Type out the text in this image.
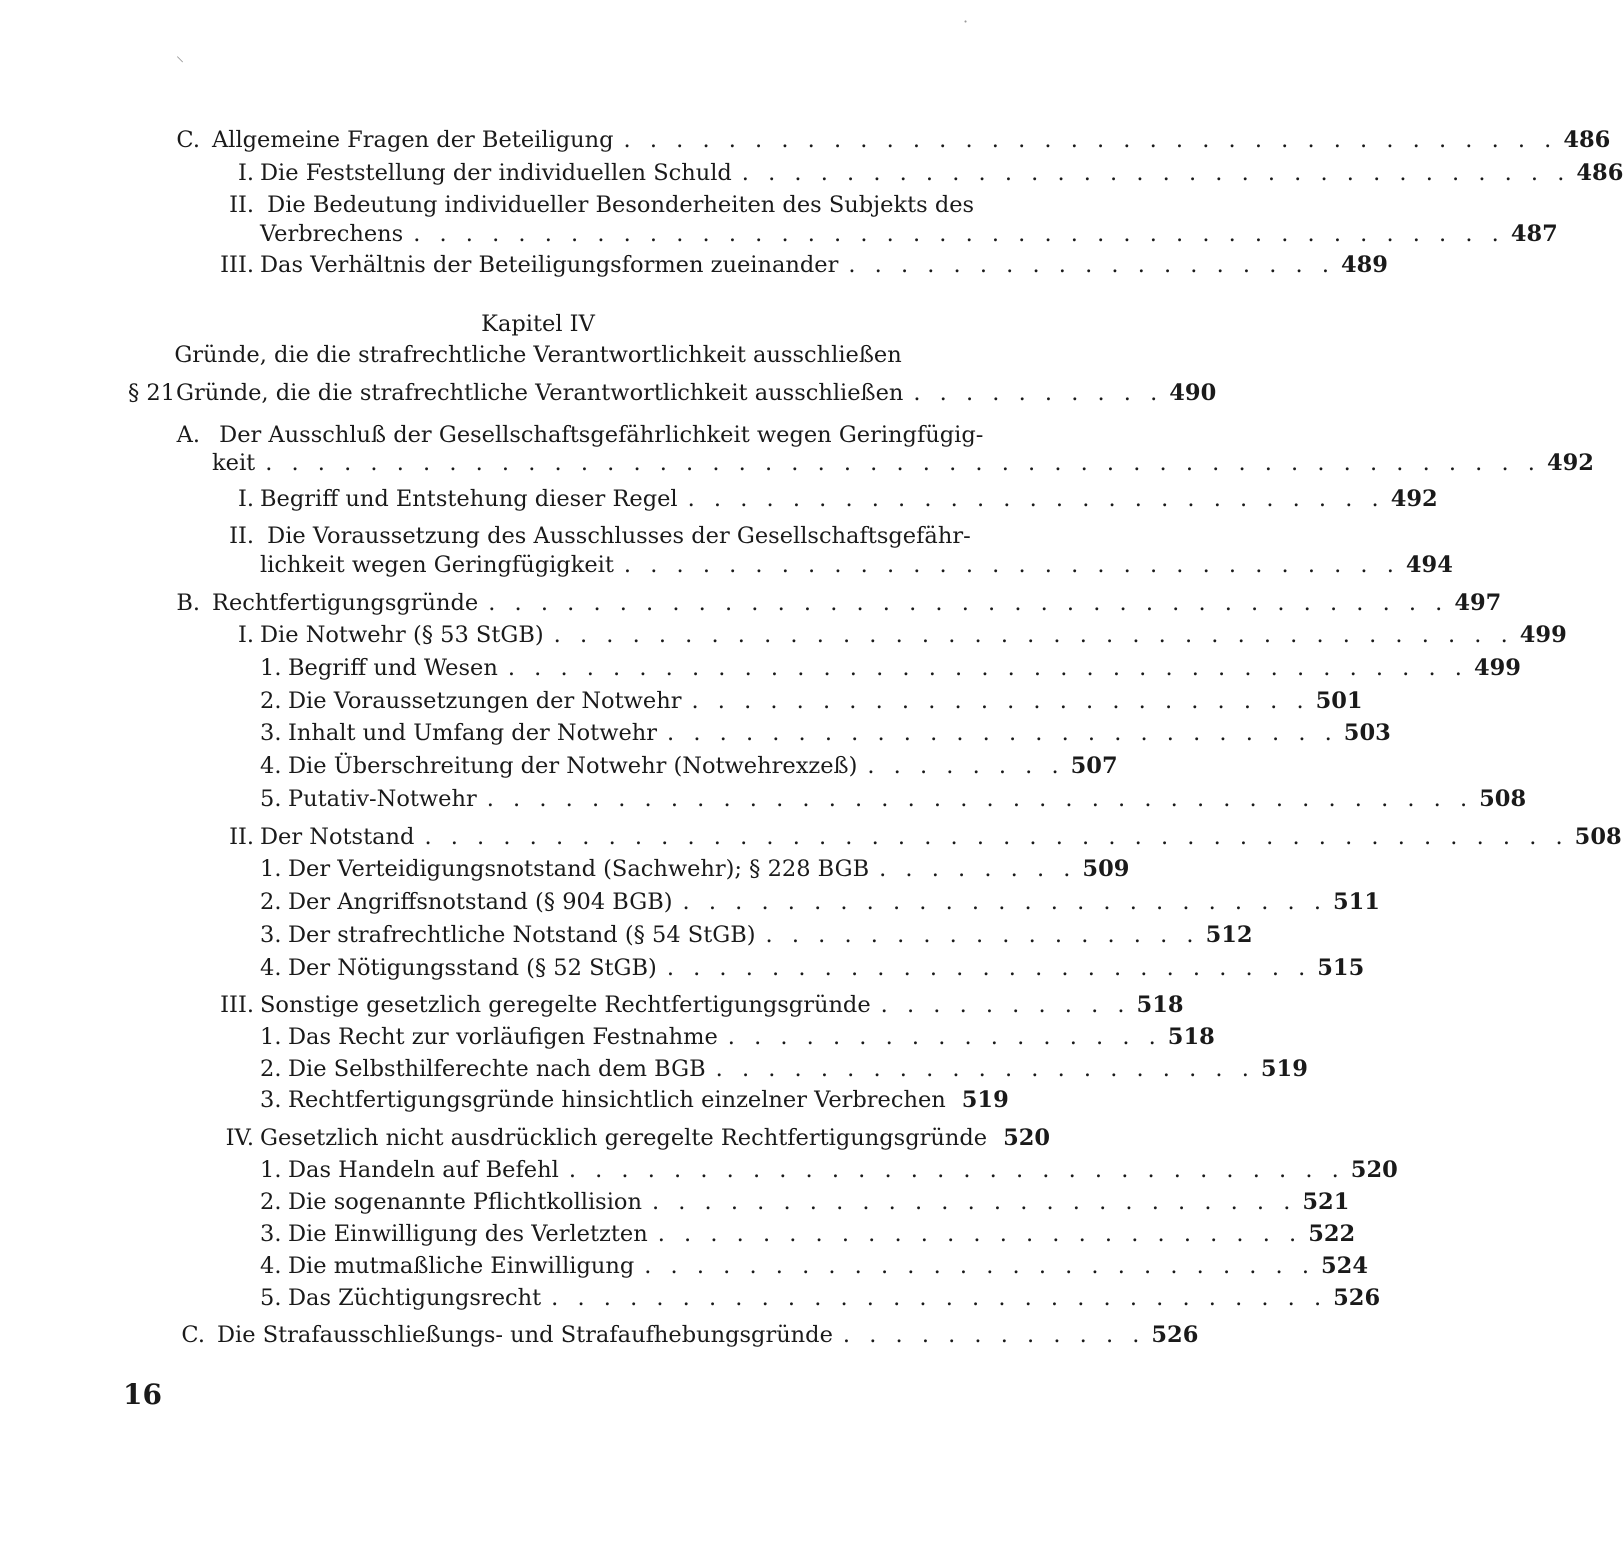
C. Allgemeine Fragen der Beteiligung . . . . . . . . . . . . . . . . . . . . . . . . . . . . . . . . . . . . 486
I. Die Feststellung der individuellen Schuld . . . . . . . . . . . . . . . . . . . . . . . . . . . . . . . . 486
II. Die Bedeutung individueller Besonderheiten des Subjekts des
Verbrechens . . . . . . . . . . . . . . . . . . . . . . . . . . . . . . . . . . . . . . . . . . 487
III. Das Verhältnis der Beteiligungsformen zueinander . . . . . . . . . . . . . . . . . . . 489
Kapitel IV
Gründe, die die strafrechtliche Verantwortlichkeit ausschließen
§ 21 Gründe, die die strafrechtliche Verantwortlichkeit ausschließen . . . . . . . . . . 490
A. Der Ausschluß der Gesellschaftsgefährlichkeit wegen Geringfügig-
keit . . . . . . . . . . . . . . . . . . . . . . . . . . . . . . . . . . . . . . . . . . . . . . . . . 492
I. Begriff und Entstehung dieser Regel . . . . . . . . . . . . . . . . . . . . . . . . . . . 492
II. Die Voraussetzung des Ausschlusses der Gesellschaftsgefähr-
lichkeit wegen Geringfügigkeit . . . . . . . . . . . . . . . . . . . . . . . . . . . . . . 494
B. Rechtfertigungsgründe . . . . . . . . . . . . . . . . . . . . . . . . . . . . . . . . . . . . . 497
I. Die Notwehr (§ 53 StGB) . . . . . . . . . . . . . . . . . . . . . . . . . . . . . . . . . . . . . 499
1. Begriff und Wesen . . . . . . . . . . . . . . . . . . . . . . . . . . . . . . . . . . . . . 499
2. Die Voraussetzungen der Notwehr . . . . . . . . . . . . . . . . . . . . . . . . 501
3. Inhalt und Umfang der Notwehr . . . . . . . . . . . . . . . . . . . . . . . . . . 503
4. Die Überschreitung der Notwehr (Notwehrexzeß) . . . . . . . . 507
5. Putativ-Notwehr . . . . . . . . . . . . . . . . . . . . . . . . . . . . . . . . . . . . . . 508
II. Der Notstand . . . . . . . . . . . . . . . . . . . . . . . . . . . . . . . . . . . . . . . . . . . . 508
1. Der Verteidigungsnotstand (Sachwehr); § 228 BGB . . . . . . . . 509
2. Der Angriffsnotstand (§ 904 BGB) . . . . . . . . . . . . . . . . . . . . . . . . . 511
3. Der strafrechtliche Notstand (§ 54 StGB) . . . . . . . . . . . . . . . . . 512
4. Der Nötigungsstand (§ 52 StGB) . . . . . . . . . . . . . . . . . . . . . . . . . 515
III. Sonstige gesetzlich geregelte Rechtfertigungsgründe . . . . . . . . . . 518
1. Das Recht zur vorläufigen Festnahme . . . . . . . . . . . . . . . . . 518
2. Die Selbsthilferechte nach dem BGB . . . . . . . . . . . . . . . . . . . . . 519
3. Rechtfertigungsgründe hinsichtlich einzelner Verbrechen 519
IV. Gesetzlich nicht ausdrücklich geregelte Rechtfertigungsgründe 520
1. Das Handeln auf Befehl . . . . . . . . . . . . . . . . . . . . . . . . . . . . . . 520
2. Die sogenannte Pflichtkollision . . . . . . . . . . . . . . . . . . . . . . . . . 521
3. Die Einwilligung des Verletzten . . . . . . . . . . . . . . . . . . . . . . . . . 522
4. Die mutmaßliche Einwilligung . . . . . . . . . . . . . . . . . . . . . . . . . . 524
5. Das Züchtigungsrecht . . . . . . . . . . . . . . . . . . . . . . . . . . . . . . 526
C. Die Strafausschließungs- und Strafaufhebungsgründe . . . . . . . . . . . . 526
16
⸜
·
